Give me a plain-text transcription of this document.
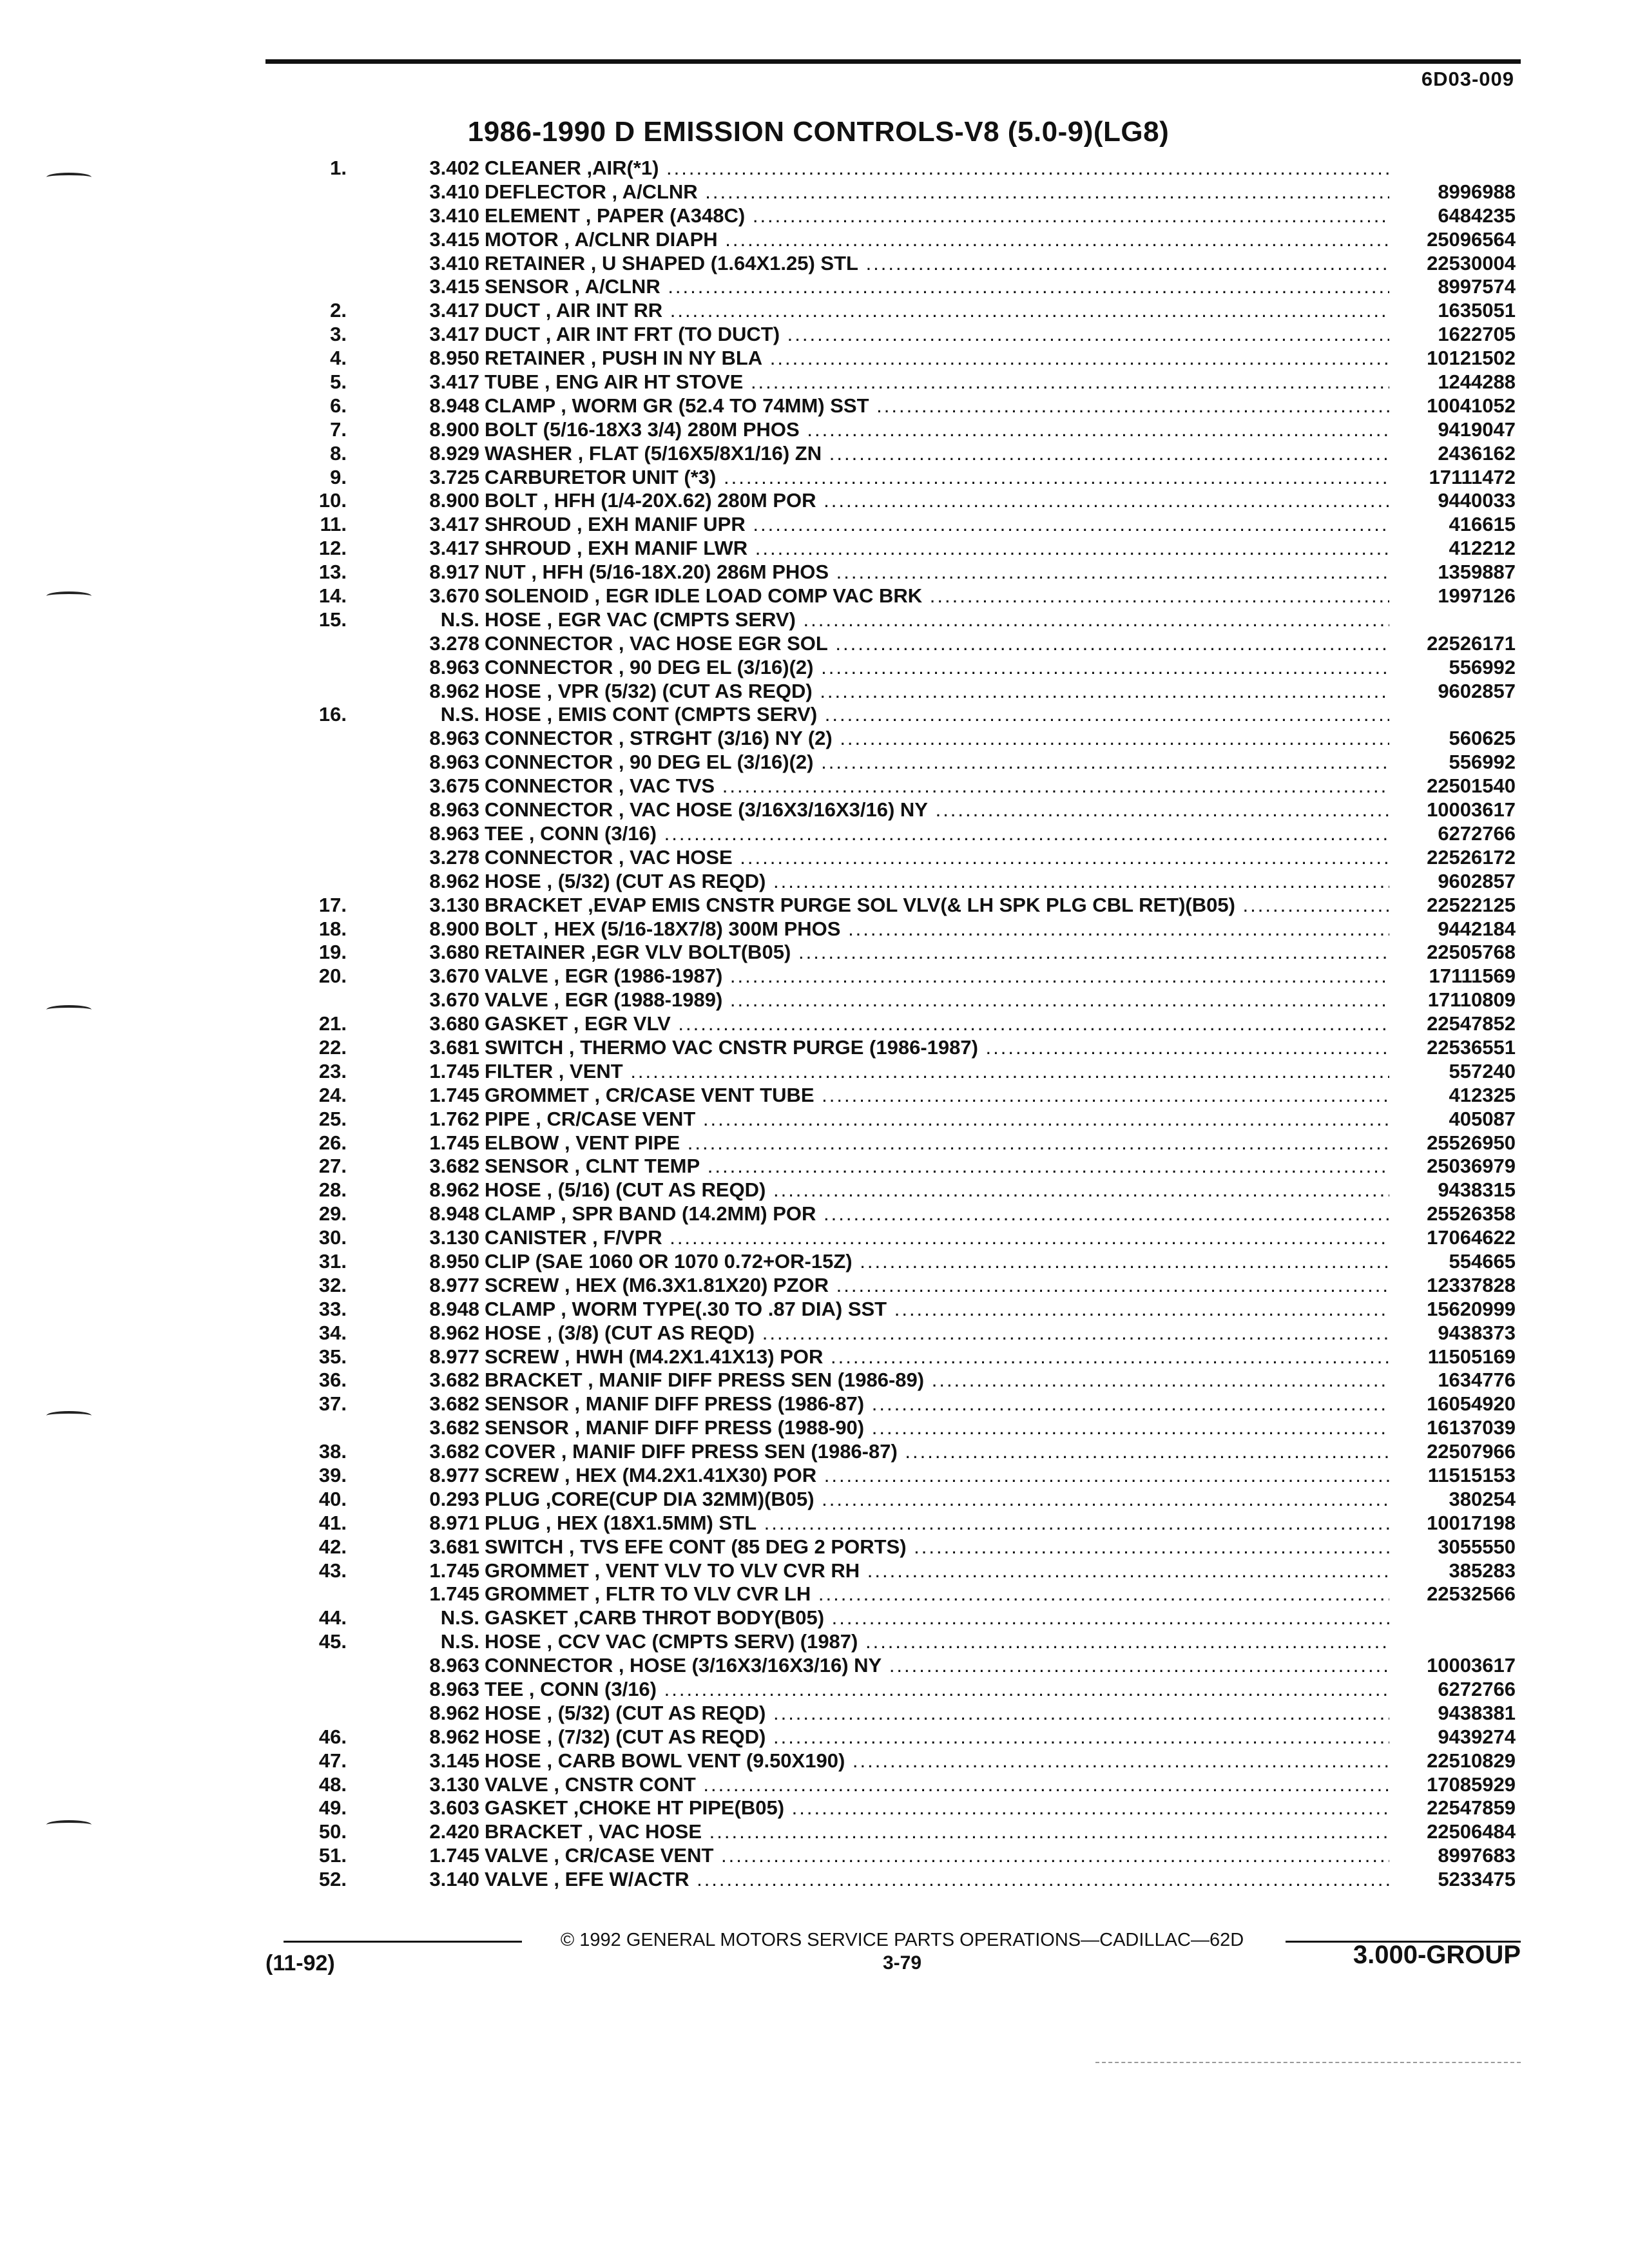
6D03-009
1986-1990 D EMISSION CONTROLS-V8 (5.0-9)(LG8)
1.	3.402 CLEANER ,AIR(*1) .....
3.410 DEFLECTOR , A/CLNR .....	8996988
3.410 ELEMENT , PAPER (A348C) .....	6484235
3.415 MOTOR , A/CLNR DIAPH .....	25096564
3.410 RETAINER , U SHAPED (1.64X1.25) STL .....	22530004
3.415 SENSOR , A/CLNR .....	8997574
2.	3.417 DUCT , AIR INT RR .....	1635051
3.	3.417 DUCT , AIR INT FRT (TO DUCT) .....	1622705
4.	8.950 RETAINER , PUSH IN NY BLA .....	10121502
5.	3.417 TUBE , ENG AIR HT STOVE .....	1244288
6.	8.948 CLAMP , WORM GR (52.4 TO 74MM) SST .....	10041052
7.	8.900 BOLT (5/16-18X3 3/4) 280M PHOS .....	9419047
8.	8.929 WASHER , FLAT (5/16X5/8X1/16) ZN .....	2436162
9.	3.725 CARBURETOR UNIT (*3) .....	17111472
10.	8.900 BOLT , HFH (1/4-20X.62) 280M POR .....	9440033
11.	3.417 SHROUD , EXH MANIF UPR .....	416615
12.	3.417 SHROUD , EXH MANIF LWR .....	412212
13.	8.917 NUT , HFH (5/16-18X.20) 286M PHOS .....	1359887
14.	3.670 SOLENOID , EGR IDLE LOAD COMP VAC BRK .....	1997126
15.	N.S. HOSE , EGR VAC (CMPTS SERV) .....
3.278 CONNECTOR , VAC HOSE EGR SOL .....	22526171
8.963 CONNECTOR , 90 DEG EL (3/16)(2) .....	556992
8.962 HOSE , VPR (5/32) (CUT AS REQD) .....	9602857
16.	N.S. HOSE , EMIS CONT (CMPTS SERV) .....
8.963 CONNECTOR , STRGHT (3/16) NY (2) .....	560625
8.963 CONNECTOR , 90 DEG EL (3/16)(2) .....	556992
3.675 CONNECTOR , VAC TVS .....	22501540
8.963 CONNECTOR , VAC HOSE (3/16X3/16X3/16) NY .....	10003617
8.963 TEE , CONN (3/16) .....	6272766
3.278 CONNECTOR , VAC HOSE .....	22526172
8.962 HOSE , (5/32) (CUT AS REQD) .....	9602857
17.	3.130 BRACKET ,EVAP EMIS CNSTR PURGE SOL VLV(& LH SPK PLG CBL RET)(B05) .....	22522125
18.	8.900 BOLT , HEX (5/16-18X7/8) 300M PHOS .....	9442184
19.	3.680 RETAINER ,EGR VLV BOLT(B05) .....	22505768
20.	3.670 VALVE , EGR (1986-1987) .....	17111569
3.670 VALVE , EGR (1988-1989) .....	17110809
21.	3.680 GASKET , EGR VLV .....	22547852
22.	3.681 SWITCH , THERMO VAC CNSTR PURGE (1986-1987) .....	22536551
23.	1.745 FILTER , VENT .....	557240
24.	1.745 GROMMET , CR/CASE VENT TUBE .....	412325
25.	1.762 PIPE , CR/CASE VENT .....	405087
26.	1.745 ELBOW , VENT PIPE .....	25526950
27.	3.682 SENSOR , CLNT TEMP .....	25036979
28.	8.962 HOSE , (5/16) (CUT AS REQD) .....	9438315
29.	8.948 CLAMP , SPR BAND (14.2MM) POR .....	25526358
30.	3.130 CANISTER , F/VPR .....	17064622
31.	8.950 CLIP (SAE 1060 OR 1070 0.72+OR-15Z) .....	554665
32.	8.977 SCREW , HEX (M6.3X1.81X20) PZOR .....	12337828
33.	8.948 CLAMP , WORM TYPE(.30 TO .87 DIA) SST .....	15620999
34.	8.962 HOSE , (3/8) (CUT AS REQD) .....	9438373
35.	8.977 SCREW , HWH (M4.2X1.41X13) POR .....	11505169
36.	3.682 BRACKET , MANIF DIFF PRESS SEN (1986-89) .....	1634776
37.	3.682 SENSOR , MANIF DIFF PRESS (1986-87) .....	16054920
3.682 SENSOR , MANIF DIFF PRESS (1988-90) .....	16137039
38.	3.682 COVER , MANIF DIFF PRESS SEN (1986-87) .....	22507966
39.	8.977 SCREW , HEX (M4.2X1.41X30) POR .....	11515153
40.	0.293 PLUG ,CORE(CUP DIA 32MM)(B05) .....	380254
41.	8.971 PLUG , HEX (18X1.5MM) STL .....	10017198
42.	3.681 SWITCH , TVS EFE CONT (85 DEG 2 PORTS) .....	3055550
43.	1.745 GROMMET , VENT VLV TO VLV CVR RH .....	385283
1.745 GROMMET , FLTR TO VLV CVR LH .....	22532566
44.	N.S. GASKET ,CARB THROT BODY(B05) .....
45.	N.S. HOSE , CCV VAC (CMPTS SERV) (1987) .....
8.963 CONNECTOR , HOSE (3/16X3/16X3/16) NY .....	10003617
8.963 TEE , CONN (3/16) .....	6272766
8.962 HOSE , (5/32) (CUT AS REQD) .....	9438381
46.	8.962 HOSE , (7/32) (CUT AS REQD) .....	9439274
47.	3.145 HOSE , CARB BOWL VENT (9.50X190) .....	22510829
48.	3.130 VALVE , CNSTR CONT .....	17085929
49.	3.603 GASKET ,CHOKE HT PIPE(B05) .....	22547859
50.	2.420 BRACKET , VAC HOSE .....	22506484
51.	1.745 VALVE , CR/CASE VENT .....	8997683
52.	3.140 VALVE , EFE W/ACTR .....	5233475
© 1992 GENERAL MOTORS SERVICE PARTS OPERATIONS—CADILLAC—62D
(11-92)	3-79	3.000-GROUP
